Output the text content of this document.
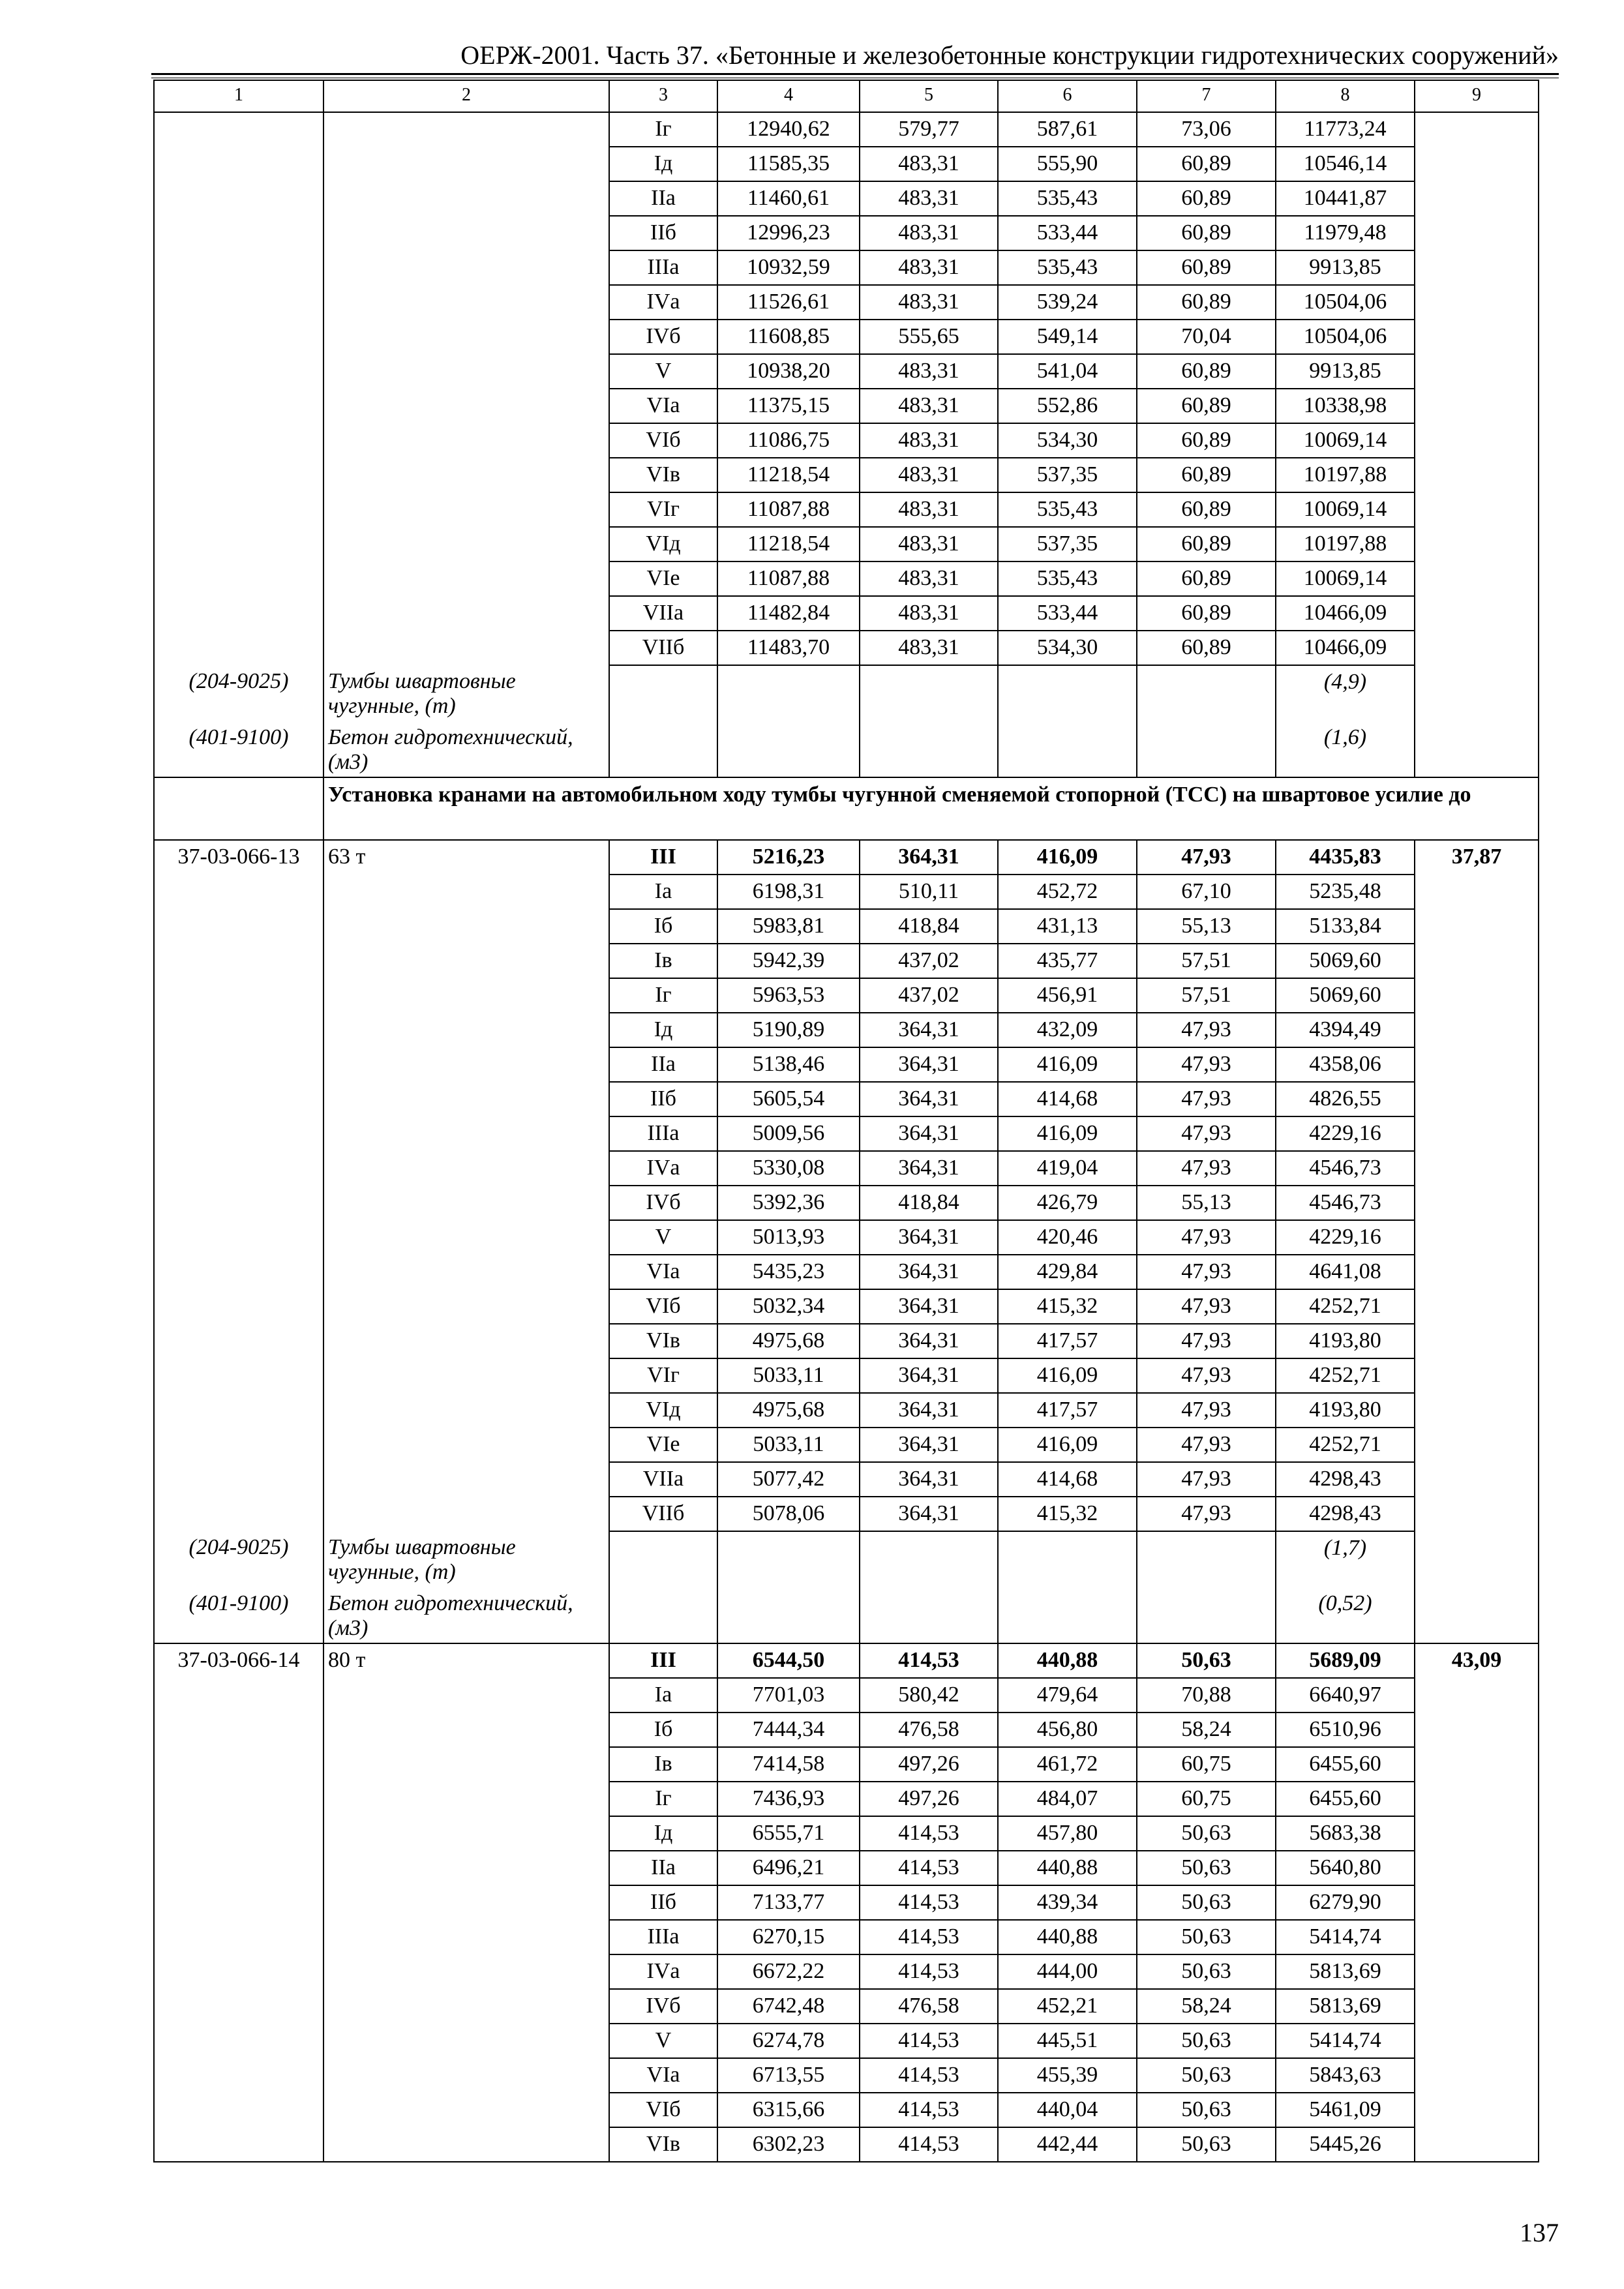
ОЕРЖ-2001. Часть 37. «Бетонные и железобетонные конструкции гидротехнических сооружений»
1	2	3	4	5	6	7	8	9
		Iг	12940,62	579,77	587,61	73,06	11773,24	
		Iд	11585,35	483,31	555,90	60,89	10546,14	
		IIа	11460,61	483,31	535,43	60,89	10441,87	
		IIб	12996,23	483,31	533,44	60,89	11979,48	
		IIIа	10932,59	483,31	535,43	60,89	9913,85	
		IVа	11526,61	483,31	539,24	60,89	10504,06	
		IVб	11608,85	555,65	549,14	70,04	10504,06	
		V	10938,20	483,31	541,04	60,89	9913,85	
		VIа	11375,15	483,31	552,86	60,89	10338,98	
		VIб	11086,75	483,31	534,30	60,89	10069,14	
		VIв	11218,54	483,31	537,35	60,89	10197,88	
		VIг	11087,88	483,31	535,43	60,89	10069,14	
		VIд	11218,54	483,31	537,35	60,89	10197,88	
		VIе	11087,88	483,31	535,43	60,89	10069,14	
		VIIа	11482,84	483,31	533,44	60,89	10466,09	
		VIIб	11483,70	483,31	534,30	60,89	10466,09	
(204-9025)	Тумбы швартовные чугунные, (т)						(4,9)	
(401-9100)	Бетон гидротехнический, (м3)						(1,6)	
	Установка кранами на автомобильном ходу тумбы чугунной сменяемой стопорной (ТСС) на швартовое усилие до							
37-03-066-13	63 т	III	5216,23	364,31	416,09	47,93	4435,83	37,87
		Iа	6198,31	510,11	452,72	67,10	5235,48	
		Iб	5983,81	418,84	431,13	55,13	5133,84	
		Iв	5942,39	437,02	435,77	57,51	5069,60	
		Iг	5963,53	437,02	456,91	57,51	5069,60	
		Iд	5190,89	364,31	432,09	47,93	4394,49	
		IIа	5138,46	364,31	416,09	47,93	4358,06	
		IIб	5605,54	364,31	414,68	47,93	4826,55	
		IIIа	5009,56	364,31	416,09	47,93	4229,16	
		IVа	5330,08	364,31	419,04	47,93	4546,73	
		IVб	5392,36	418,84	426,79	55,13	4546,73	
		V	5013,93	364,31	420,46	47,93	4229,16	
		VIа	5435,23	364,31	429,84	47,93	4641,08	
		VIб	5032,34	364,31	415,32	47,93	4252,71	
		VIв	4975,68	364,31	417,57	47,93	4193,80	
		VIг	5033,11	364,31	416,09	47,93	4252,71	
		VIд	4975,68	364,31	417,57	47,93	4193,80	
		VIе	5033,11	364,31	416,09	47,93	4252,71	
		VIIа	5077,42	364,31	414,68	47,93	4298,43	
		VIIб	5078,06	364,31	415,32	47,93	4298,43	
(204-9025)	Тумбы швартовные чугунные, (т)						(1,7)	
(401-9100)	Бетон гидротехнический, (м3)						(0,52)	
37-03-066-14	80 т	III	6544,50	414,53	440,88	50,63	5689,09	43,09
		Iа	7701,03	580,42	479,64	70,88	6640,97	
		Iб	7444,34	476,58	456,80	58,24	6510,96	
		Iв	7414,58	497,26	461,72	60,75	6455,60	
		Iг	7436,93	497,26	484,07	60,75	6455,60	
		Iд	6555,71	414,53	457,80	50,63	5683,38	
		IIа	6496,21	414,53	440,88	50,63	5640,80	
		IIб	7133,77	414,53	439,34	50,63	6279,90	
		IIIа	6270,15	414,53	440,88	50,63	5414,74	
		IVа	6672,22	414,53	444,00	50,63	5813,69	
		IVб	6742,48	476,58	452,21	58,24	5813,69	
		V	6274,78	414,53	445,51	50,63	5414,74	
		VIа	6713,55	414,53	455,39	50,63	5843,63	
		VIб	6315,66	414,53	440,04	50,63	5461,09	
		VIв	6302,23	414,53	442,44	50,63	5445,26	
137
